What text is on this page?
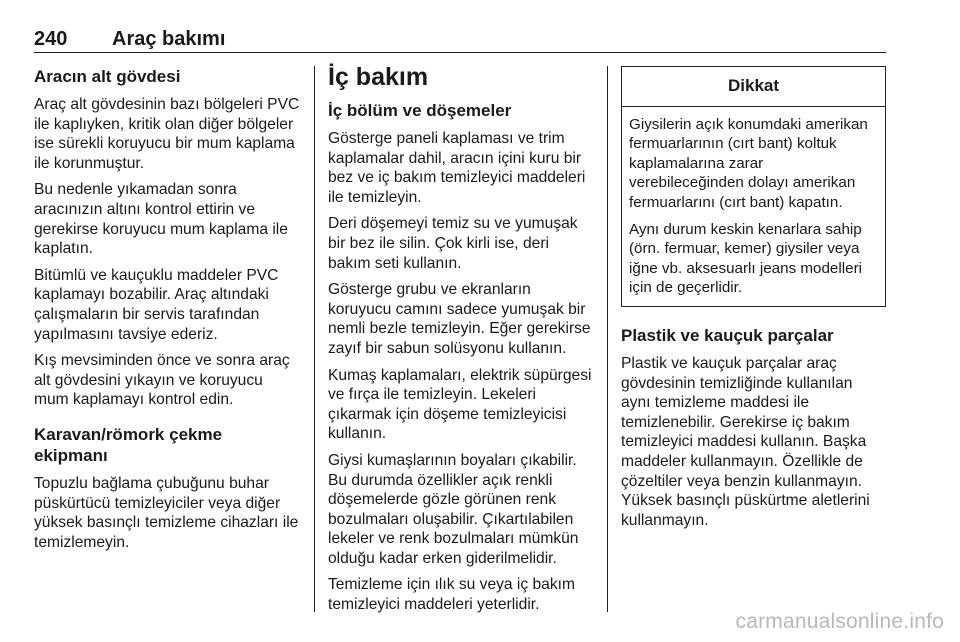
240 Araç bakımı
Aracın alt gövdesi

Araç alt gövdesinin bazı bölgeleri PVC ile kaplıyken, kritik olan diğer bölgeler ise sürekli koruyucu bir mum kaplama ile korunmuştur.

Bu nedenle yıkamadan sonra aracınızın altını kontrol ettirin ve gerekirse koruyucu mum kaplama ile kaplatın.

Bitümlü ve kauçuklu maddeler PVC kaplamayı bozabilir. Araç altındaki çalışmaların bir servis tarafından yapılmasını tavsiye ederiz.

Kış mevsiminden önce ve sonra araç alt gövdesini yıkayın ve koruyucu mum kaplamayı kontrol edin.

Karavan/römork çekme ekipmanı

Topuzlu bağlama çubuğunu buhar püskürtücü temizleyiciler veya diğer yüksek basınçlı temizleme cihazları ile temizlemeyin.

İç bakım
İç bölüm ve döşemeler

Gösterge paneli kaplaması ve trim kaplamalar dahil, aracın içini kuru bir bez ve iç bakım temizleyici maddeleri ile temizleyin.

Deri döşemeyi temiz su ve yumuşak bir bez ile silin. Çok kirli ise, deri bakım seti kullanın.

Gösterge grubu ve ekranların koruyucu camını sadece yumuşak bir nemli bezle temizleyin. Eğer gerekirse zayıf bir sabun solüsyonu kullanın.

Kumaş kaplamaları, elektrik süpürgesi ve fırça ile temizleyin. Lekeleri çıkarmak için döşeme temizleyicisi kullanın.

Giysi kumaşlarının boyaları çıkabilir. Bu durumda özellikler açık renkli döşemelerde gözle görünen renk bozulmaları oluşabilir. Çıkartılabilen lekeler ve renk bozulmaları mümkün olduğu kadar erken giderilmelidir.

Temizleme için ılık su veya iç bakım temizleyici maddeleri yeterlidir.

Dikkat

Giysilerin açık konumdaki amerikan fermuarlarının (cırt bant) koltuk kaplamalarına zarar verebileceğinden dolayı amerikan fermuarlarını (cırt bant) kapatın.

Aynı durum keskin kenarlara sahip (örn. fermuar, kemer) giysiler veya iğne vb. aksesuarlı jeans modelleri için de geçerlidir.

Plastik ve kauçuk parçalar

Plastik ve kauçuk parçalar araç gövdesinin temizliğinde kullanılan aynı temizleme maddesi ile temizlenebilir. Gerekirse iç bakım temizleyici maddesi kullanın. Başka maddeler kullanmayın. Özellikle de çözeltiler veya benzin kullanmayın. Yüksek basınçlı püskürtme aletlerini kullanmayın.

carmanualsonline.info
